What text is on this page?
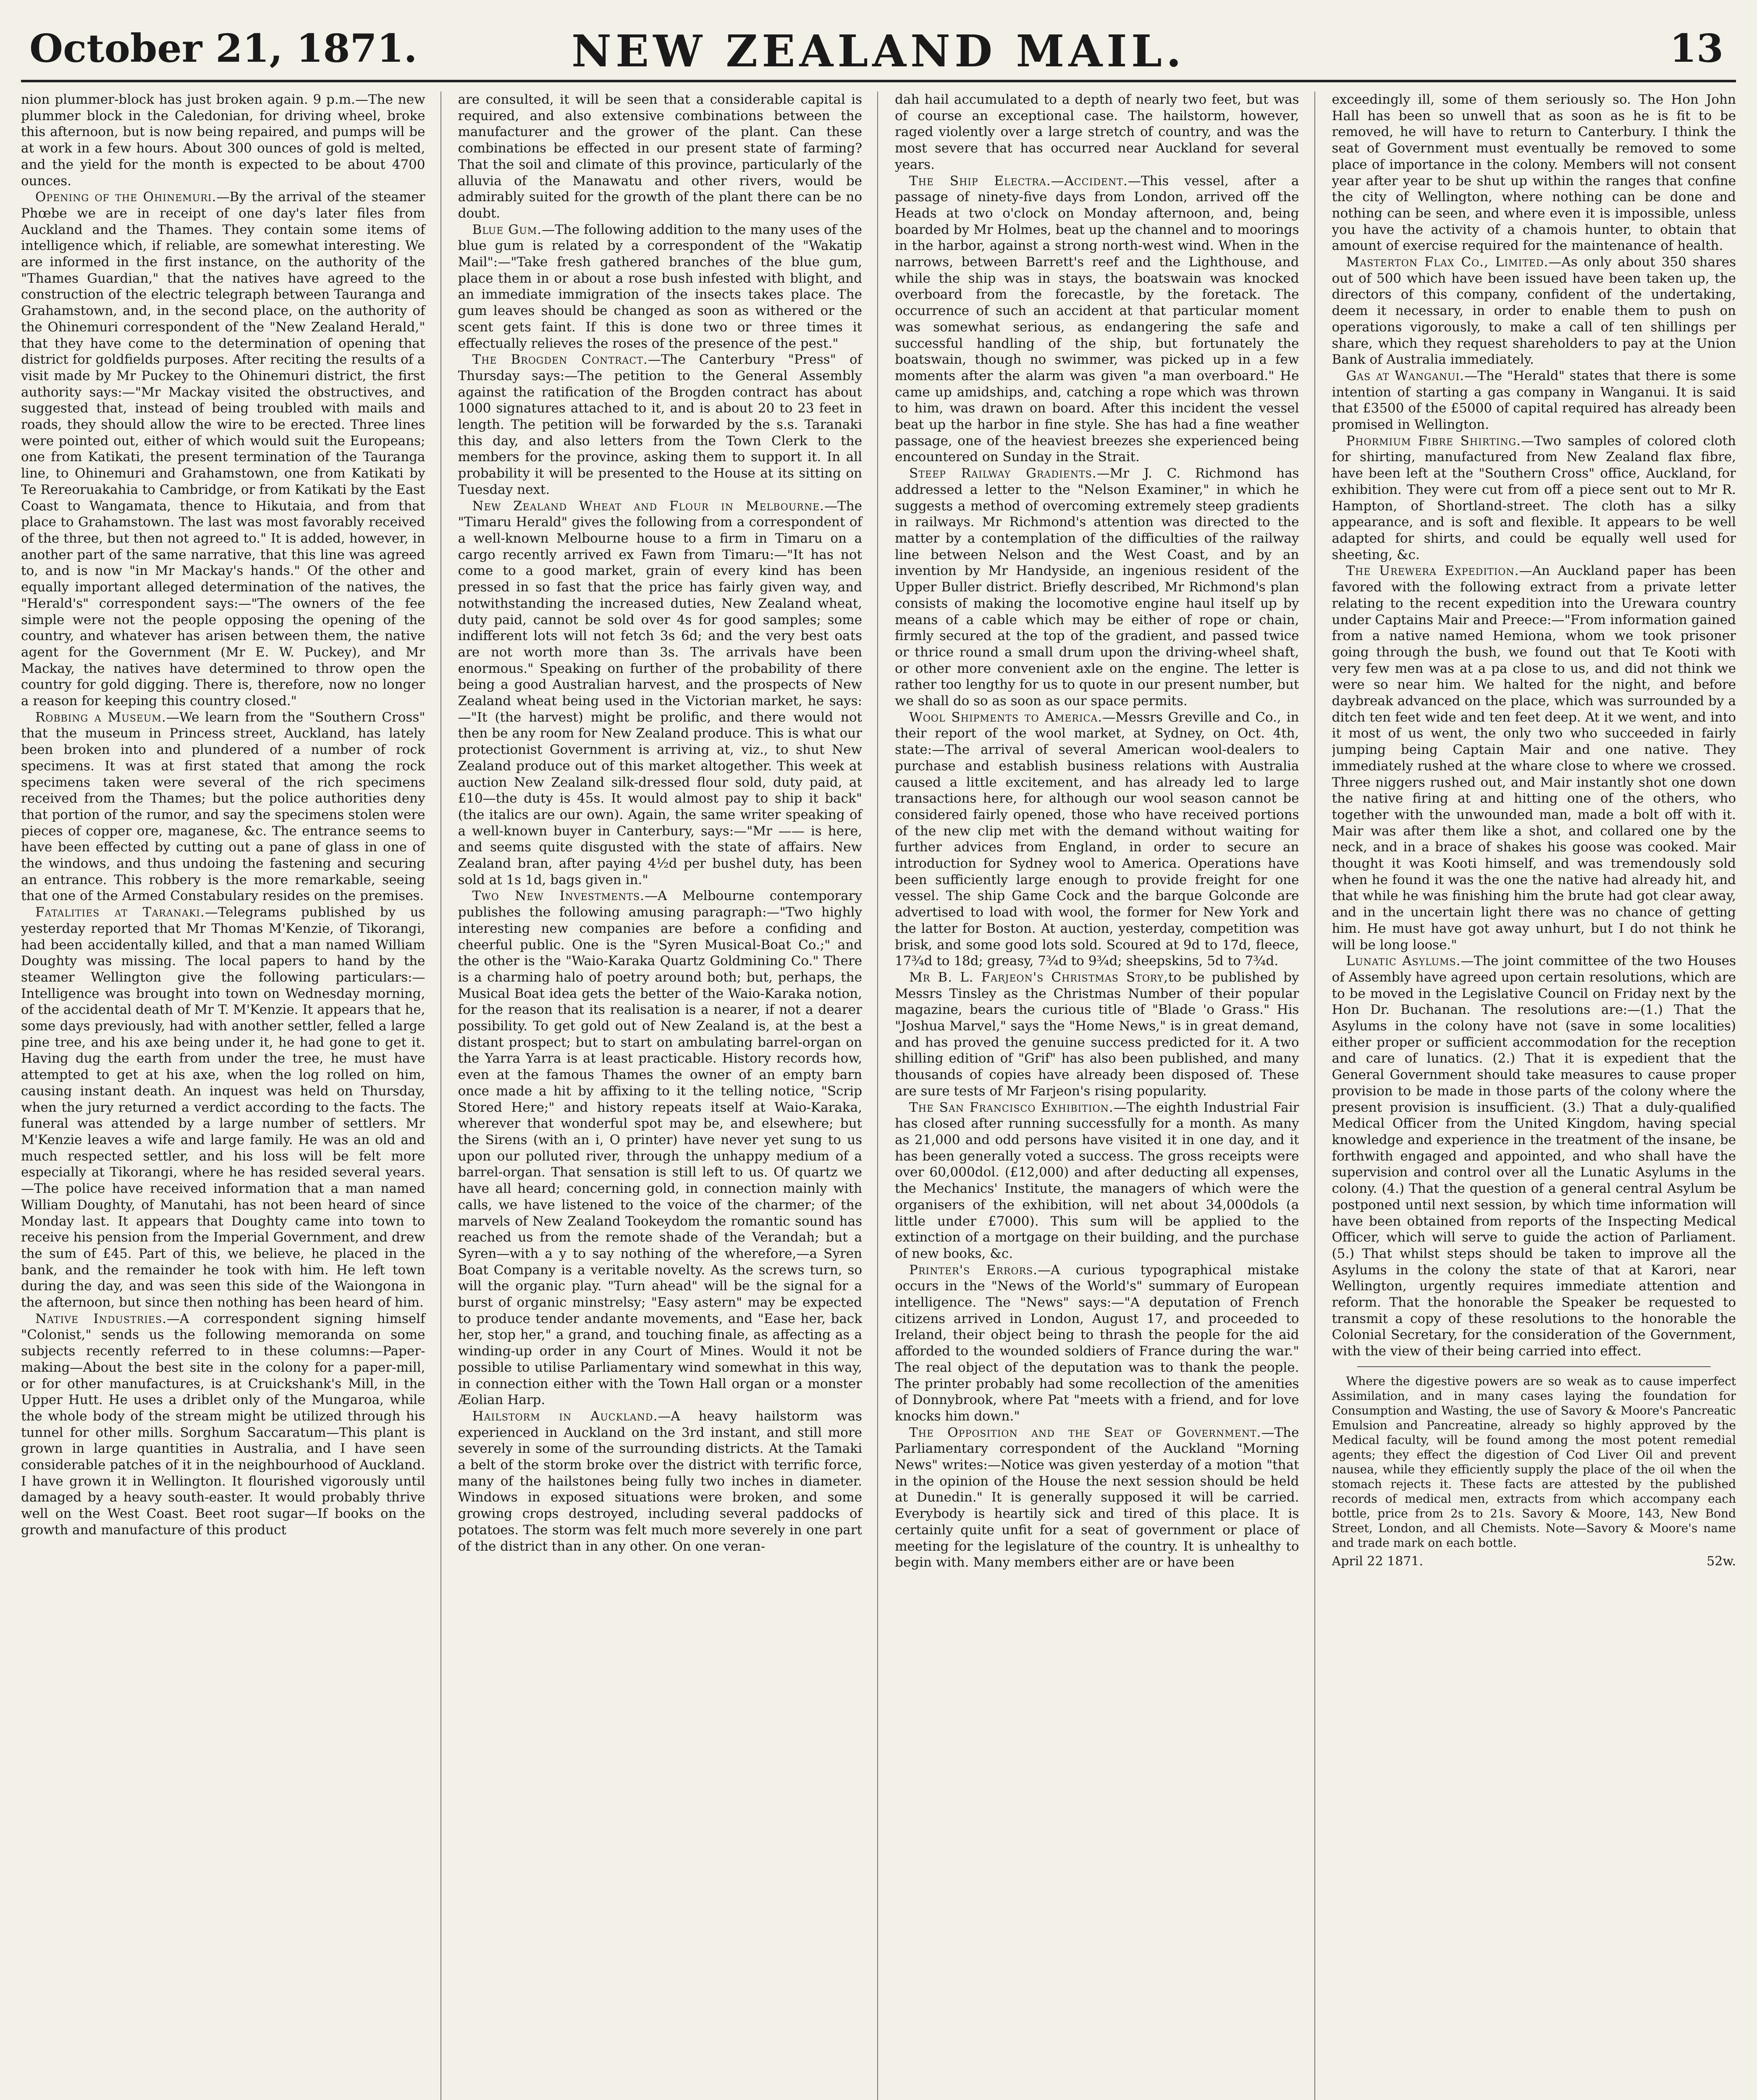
October 21, 1871.	NEW ZEALAND MAIL.	13

nion plummer-block has just broken again. 9 p.m.—The new plummer block in the Caledonian, for driving wheel, broke this afternoon, but is now being repaired, and pumps will be at work in a few hours. About 300 ounces of gold is melted, and the yield for the month is expected to be about 4700 ounces.

Opening of the Ohinemuri.—By the arrival of the steamer Phœbe we are in receipt of one day's later files from Auckland and the Thames. They contain some items of intelligence which, if reliable, are somewhat interesting. We are informed in the first instance, on the authority of the "Thames Guardian," that the natives have agreed to the construction of the electric telegraph between Tauranga and Grahamstown, and, in the second place, on the authority of the Ohinemuri correspondent of the "New Zealand Herald," that they have come to the determination of opening that district for goldfields purposes. After reciting the results of a visit made by Mr Puckey to the Ohinemuri district, the first authority says:—"Mr Mackay visited the obstructives, and suggested that, instead of being troubled with mails and roads, they should allow the wire to be erected. Three lines were pointed out, either of which would suit the Europeans; one from Katikati, the present termination of the Tauranga line, to Ohinemuri and Grahamstown, one from Katikati by Te Rereoruakahia to Cambridge, or from Katikati by the East Coast to Wangamata, thence to Hikutaia, and from that place to Grahamstown. The last was most favorably received of the three, but then not agreed to." It is added, however, in another part of the same narrative, that this line was agreed to, and is now "in Mr Mackay's hands." Of the other and equally important alleged determination of the natives, the "Herald's" correspondent says:—"The owners of the fee simple were not the people opposing the opening of the country, and whatever has arisen between them, the native agent for the Government (Mr E. W. Puckey), and Mr Mackay, the natives have determined to throw open the country for gold digging. There is, therefore, now no longer a reason for keeping this country closed."

Robbing a Museum.—We learn from the "Southern Cross" that the museum in Princess street, Auckland, has lately been broken into and plundered of a number of rock specimens. It was at first stated that among the rock specimens taken were several of the rich specimens received from the Thames; but the police authorities deny that portion of the rumor, and say the specimens stolen were pieces of copper ore, maganese, &c. The entrance seems to have been effected by cutting out a pane of glass in one of the windows, and thus undoing the fastening and securing an entrance. This robbery is the more remarkable, seeing that one of the Armed Constabulary resides on the premises.

Fatalities at Taranaki.—Telegrams published by us yesterday reported that Mr Thomas M'Kenzie, of Tikorangi, had been accidentally killed, and that a man named William Doughty was missing. The local papers to hand by the steamer Wellington give the following particulars:—Intelligence was brought into town on Wednesday morning, of the accidental death of Mr T. M'Kenzie. It appears that he, some days previously, had with another settler, felled a large pine tree, and his axe being under it, he had gone to get it. Having dug the earth from under the tree, he must have attempted to get at his axe, when the log rolled on him, causing instant death. An inquest was held on Thursday, when the jury returned a verdict according to the facts. The funeral was attended by a large number of settlers. Mr M'Kenzie leaves a wife and large family. He was an old and much respected settler, and his loss will be felt more especially at Tikorangi, where he has resided several years.—The police have received information that a man named William Doughty, of Manutahi, has not been heard of since Monday last. It appears that Doughty came into town to receive his pension from the Imperial Government, and drew the sum of £45. Part of this, we believe, he placed in the bank, and the remainder he took with him. He left town during the day, and was seen this side of the Waiongona in the afternoon, but since then nothing has been heard of him.

Native Industries.—A correspondent signing himself "Colonist," sends us the following memoranda on some subjects recently referred to in these columns:—Paper-making—About the best site in the colony for a paper-mill, or for other manufactures, is at Cruickshank's Mill, in the Upper Hutt. He uses a driblet only of the Mungaroa, while the whole body of the stream might be utilized through his tunnel for other mills. Sorghum Saccaratum—This plant is grown in large quantities in Australia, and I have seen considerable patches of it in the neighbourhood of Auckland. I have grown it in Wellington. It flourished vigorously until damaged by a heavy south-easter. It would probably thrive well on the West Coast. Beet root sugar—If books on the growth and manufacture of this product

are consulted, it will be seen that a considerable capital is required, and also extensive combinations between the manufacturer and the grower of the plant. Can these combinations be effected in our present state of farming? That the soil and climate of this province, particularly of the alluvia of the Manawatu and other rivers, would be admirably suited for the growth of the plant there can be no doubt.

Blue Gum.—The following addition to the many uses of the blue gum is related by a correspondent of the "Wakatip Mail":—"Take fresh gathered branches of the blue gum, place them in or about a rose bush infested with blight, and an immediate immigration of the insects takes place. The gum leaves should be changed as soon as withered or the scent gets faint. If this is done two or three times it effectually relieves the roses of the presence of the pest."

The Brogden Contract.—The Canterbury "Press" of Thursday says:—The petition to the General Assembly against the ratification of the Brogden contract has about 1000 signatures attached to it, and is about 20 to 23 feet in length. The petition will be forwarded by the s.s. Taranaki this day, and also letters from the Town Clerk to the members for the province, asking them to support it. In all probability it will be presented to the House at its sitting on Tuesday next.

New Zealand Wheat and Flour in Melbourne.—The "Timaru Herald" gives the following from a correspondent of a well-known Melbourne house to a firm in Timaru on a cargo recently arrived ex Fawn from Timaru:—"It has not come to a good market, grain of every kind has been pressed in so fast that the price has fairly given way, and notwithstanding the increased duties, New Zealand wheat, duty paid, cannot be sold over 4s for good samples; some indifferent lots will not fetch 3s 6d; and the very best oats are not worth more than 3s. The arrivals have been enormous." Speaking on further of the probability of there being a good Australian harvest, and the prospects of New Zealand wheat being used in the Victorian market, he says:—"It (the harvest) might be prolific, and there would not then be any room for New Zealand produce. This is what our protectionist Government is arriving at, viz., to shut New Zealand produce out of this market altogether. This week at auction New Zealand silk-dressed flour sold, duty paid, at £10—the duty is 45s. It would almost pay to ship it back" (the italics are our own). Again, the same writer speaking of a well-known buyer in Canterbury, says:—"Mr —— is here, and seems quite disgusted with the state of affairs. New Zealand bran, after paying 4½d per bushel duty, has been sold at 1s 1d, bags given in."

Two New Investments.—A Melbourne contemporary publishes the following amusing paragraph:—"Two highly interesting new companies are before a confiding and cheerful public. One is the "Syren Musical-Boat Co.;" and the other is the "Waio-Karaka Quartz Goldmining Co." There is a charming halo of poetry around both; but, perhaps, the Musical Boat idea gets the better of the Waio-Karaka notion, for the reason that its realisation is a nearer, if not a dearer possibility. To get gold out of New Zealand is, at the best a distant prospect; but to start on ambulating barrel-organ on the Yarra Yarra is at least practicable. History records how, even at the famous Thames the owner of an empty barn once made a hit by affixing to it the telling notice, "Scrip Stored Here;" and history repeats itself at Waio-Karaka, wherever that wonderful spot may be, and elsewhere; but the Sirens (with an i, O printer) have never yet sung to us upon our polluted river, through the unhappy medium of a barrel-organ. That sensation is still left to us. Of quartz we have all heard; concerning gold, in connection mainly with calls, we have listened to the voice of the charmer; of the marvels of New Zealand Tookeydom the romantic sound has reached us from the remote shade of the Verandah; but a Syren—with a y to say nothing of the wherefore,—a Syren Boat Company is a veritable novelty. As the screws turn, so will the organic play. "Turn ahead" will be the signal for a burst of organic minstrelsy; "Easy astern" may be expected to produce tender andante movements, and "Ease her, back her, stop her," a grand, and touching finale, as affecting as a winding-up order in any Court of Mines. Would it not be possible to utilise Parliamentary wind somewhat in this way, in connection either with the Town Hall organ or a monster Æolian Harp.

Hailstorm in Auckland.—A heavy hailstorm was experienced in Auckland on the 3rd instant, and still more severely in some of the surrounding districts. At the Tamaki a belt of the storm broke over the district with terrific force, many of the hailstones being fully two inches in diameter. Windows in exposed situations were broken, and some growing crops destroyed, including several paddocks of potatoes. The storm was felt much more severely in one part of the district than in any other. On one veran-

dah hail accumulated to a depth of nearly two feet, but was of course an exceptional case. The hailstorm, however, raged violently over a large stretch of country, and was the most severe that has occurred near Auckland for several years.

The Ship Electra.—Accident.—This vessel, after a passage of ninety-five days from London, arrived off the Heads at two o'clock on Monday afternoon, and, being boarded by Mr Holmes, beat up the channel and to moorings in the harbor, against a strong north-west wind. When in the narrows, between Barrett's reef and the Lighthouse, and while the ship was in stays, the boatswain was knocked overboard from the forecastle, by the foretack. The occurrence of such an accident at that particular moment was somewhat serious, as endangering the safe and successful handling of the ship, but fortunately the boatswain, though no swimmer, was picked up in a few moments after the alarm was given "a man overboard." He came up amidships, and, catching a rope which was thrown to him, was drawn on board. After this incident the vessel beat up the harbor in fine style. She has had a fine weather passage, one of the heaviest breezes she experienced being encountered on Sunday in the Strait.

Steep Railway Gradients.—Mr J. C. Richmond has addressed a letter to the "Nelson Examiner," in which he suggests a method of overcoming extremely steep gradients in railways. Mr Richmond's attention was directed to the matter by a contemplation of the difficulties of the railway line between Nelson and the West Coast, and by an invention by Mr Handyside, an ingenious resident of the Upper Buller district. Briefly described, Mr Richmond's plan consists of making the locomotive engine haul itself up by means of a cable which may be either of rope or chain, firmly secured at the top of the gradient, and passed twice or thrice round a small drum upon the driving-wheel shaft, or other more convenient axle on the engine. The letter is rather too lengthy for us to quote in our present number, but we shall do so as soon as our space permits.

Wool Shipments to America.—Messrs Greville and Co., in their report of the wool market, at Sydney, on Oct. 4th, state:—The arrival of several American wool-dealers to purchase and establish business relations with Australia caused a little excitement, and has already led to large transactions here, for although our wool season cannot be considered fairly opened, those who have received portions of the new clip met with the demand without waiting for further advices from England, in order to secure an introduction for Sydney wool to America. Operations have been sufficiently large enough to provide freight for one vessel. The ship Game Cock and the barque Golconde are advertised to load with wool, the former for New York and the latter for Boston. At auction, yesterday, competition was brisk, and some good lots sold. Scoured at 9d to 17d, fleece, 17¾d to 18d; greasy, 7¾d to 9¾d; sheepskins, 5d to 7¾d.

Mr B. L. Farjeon's Christmas Story,to be published by Messrs Tinsley as the Christmas Number of their popular magazine, bears the curious title of "Blade 'o Grass." His "Joshua Marvel," says the "Home News," is in great demand, and has proved the genuine success predicted for it. A two shilling edition of "Grif" has also been published, and many thousands of copies have already been disposed of. These are sure tests of Mr Farjeon's rising popularity.

The San Francisco Exhibition.—The eighth Industrial Fair has closed after running successfully for a month. As many as 21,000 and odd persons have visited it in one day, and it has been generally voted a success. The gross receipts were over 60,000dol. (£12,000) and after deducting all expenses, the Mechanics' Institute, the managers of which were the organisers of the exhibition, will net about 34,000dols (a little under £7000). This sum will be applied to the extinction of a mortgage on their building, and the purchase of new books, &c.

Printer's Errors.—A curious typographical mistake occurs in the "News of the World's" summary of European intelligence. The "News" says:—"A deputation of French citizens arrived in London, August 17, and proceeded to Ireland, their object being to thrash the people for the aid afforded to the wounded soldiers of France during the war." The real object of the deputation was to thank the people. The printer probably had some recollection of the amenities of Donnybrook, where Pat "meets with a friend, and for love knocks him down."

The Opposition and the Seat of Government.—The Parliamentary correspondent of the Auckland "Morning News" writes:—Notice was given yesterday of a motion "that in the opinion of the House the next session should be held at Dunedin." It is generally supposed it will be carried. Everybody is heartily sick and tired of this place. It is certainly quite unfit for a seat of government or place of meeting for the legislature of the country. It is unhealthy to begin with. Many members either are or have been

exceedingly ill, some of them seriously so. The Hon John Hall has been so unwell that as soon as he is fit to be removed, he will have to return to Canterbury. I think the seat of Government must eventually be removed to some place of importance in the colony. Members will not consent year after year to be shut up within the ranges that confine the city of Wellington, where nothing can be done and nothing can be seen, and where even it is impossible, unless you have the activity of a chamois hunter, to obtain that amount of exercise required for the maintenance of health.

Masterton Flax Co., Limited.—As only about 350 shares out of 500 which have been issued have been taken up, the directors of this company, confident of the undertaking, deem it necessary, in order to enable them to push on operations vigorously, to make a call of ten shillings per share, which they request shareholders to pay at the Union Bank of Australia immediately.

Gas at Wanganui.—The "Herald" states that there is some intention of starting a gas company in Wanganui. It is said that £3500 of the £5000 of capital required has already been promised in Wellington.

Phormium Fibre Shirting.—Two samples of colored cloth for shirting, manufactured from New Zealand flax fibre, have been left at the "Southern Cross" office, Auckland, for exhibition. They were cut from off a piece sent out to Mr R. Hampton, of Shortland-street. The cloth has a silky appearance, and is soft and flexible. It appears to be well adapted for shirts, and could be equally well used for sheeting, &c.

The Urewera Expedition.—An Auckland paper has been favored with the following extract from a private letter relating to the recent expedition into the Urewara country under Captains Mair and Preece:—"From information gained from a native named Hemiona, whom we took prisoner going through the bush, we found out that Te Kooti with very few men was at a pa close to us, and did not think we were so near him. We halted for the night, and before daybreak advanced on the place, which was surrounded by a ditch ten feet wide and ten feet deep. At it we went, and into it most of us went, the only two who succeeded in fairly jumping being Captain Mair and one native. They immediately rushed at the whare close to where we crossed. Three niggers rushed out, and Mair instantly shot one down the native firing at and hitting one of the others, who together with the unwounded man, made a bolt off with it. Mair was after them like a shot, and collared one by the neck, and in a brace of shakes his goose was cooked. Mair thought it was Kooti himself, and was tremendously sold when he found it was the one the native had already hit, and that while he was finishing him the brute had got clear away, and in the uncertain light there was no chance of getting him. He must have got away unhurt, but I do not think he will be long loose."

Lunatic Asylums.—The joint committee of the two Houses of Assembly have agreed upon certain resolutions, which are to be moved in the Legislative Council on Friday next by the Hon Dr. Buchanan. The resolutions are:—(1.) That the Asylums in the colony have not (save in some localities) either proper or sufficient accommodation for the reception and care of lunatics. (2.) That it is expedient that the General Government should take measures to cause proper provision to be made in those parts of the colony where the present provision is insufficient. (3.) That a duly-qualified Medical Officer from the United Kingdom, having special knowledge and experience in the treatment of the insane, be forthwith engaged and appointed, and who shall have the supervision and control over all the Lunatic Asylums in the colony. (4.) That the question of a general central Asylum be postponed until next session, by which time information will have been obtained from reports of the Inspecting Medical Officer, which will serve to guide the action of Parliament. (5.) That whilst steps should be taken to improve all the Asylums in the colony the state of that at Karori, near Wellington, urgently requires immediate attention and reform. That the honorable the Speaker be requested to transmit a copy of these resolutions to the honorable the Colonial Secretary, for the consideration of the Government, with the view of their being carried into effect.

Where the digestive powers are so weak as to cause imperfect Assimilation, and in many cases laying the foundation for Consumption and Wasting, the use of Savory & Moore's Pancreatic Emulsion and Pancreatine, already so highly approved by the Medical faculty, will be found among the most potent remedial agents; they effect the digestion of Cod Liver Oil and prevent nausea, while they efficiently supply the place of the oil when the stomach rejects it. These facts are attested by the published records of medical men, extracts from which accompany each bottle, price from 2s to 21s. Savory & Moore, 143, New Bond Street, London, and all Chemists. Note—Savory & Moore's name and trade mark on each bottle.

April 22 1871.	52w.
